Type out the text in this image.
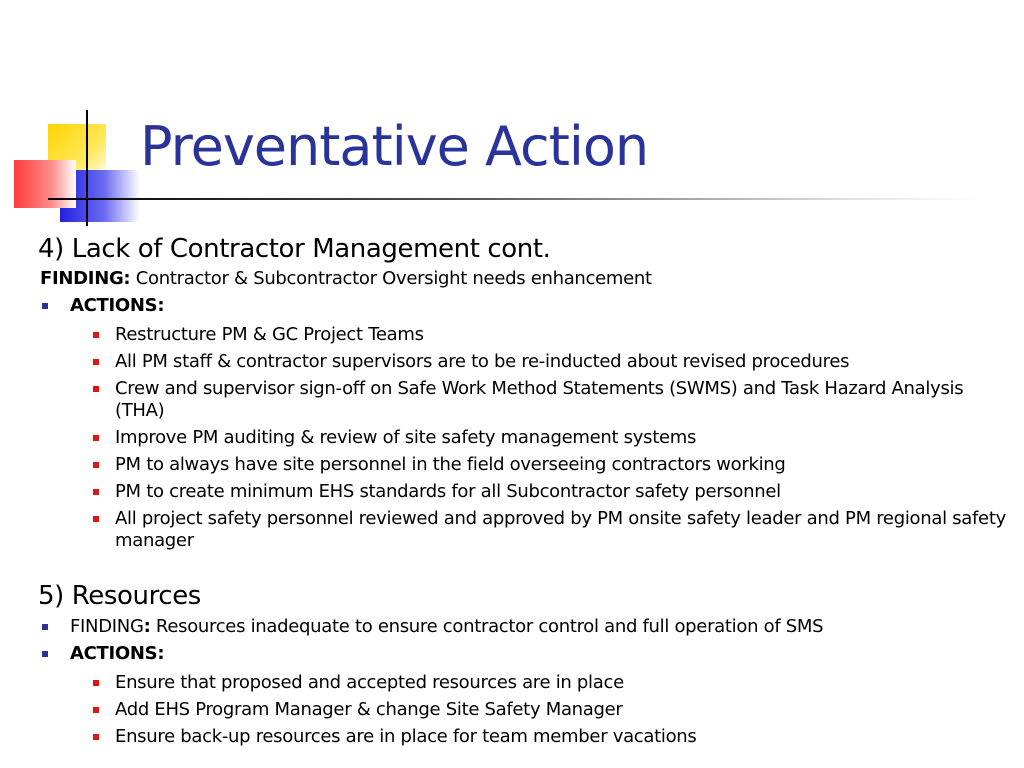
Preventative Action

4) Lack of Contractor Management cont.

FINDING: Contractor & Subcontractor Oversight needs enhancement

ACTIONS:
Restructure PM & GC Project Teams
All PM staff & contractor supervisors are to be re-inducted about revised procedures
Crew and supervisor sign-off on Safe Work Method Statements (SWMS) and Task Hazard Analysis (THA)
Improve PM auditing & review of site safety management systems
PM to always have site personnel in the field overseeing contractors working
PM to create minimum EHS standards for all Subcontractor safety personnel
All project safety personnel reviewed and approved by PM onsite safety leader and PM regional safety manager

5) Resources

FINDING: Resources inadequate to ensure contractor control and full operation of SMS
ACTIONS:
Ensure that proposed and accepted resources are in place
Add EHS Program Manager & change Site Safety Manager
Ensure back-up resources are in place for team member vacations
